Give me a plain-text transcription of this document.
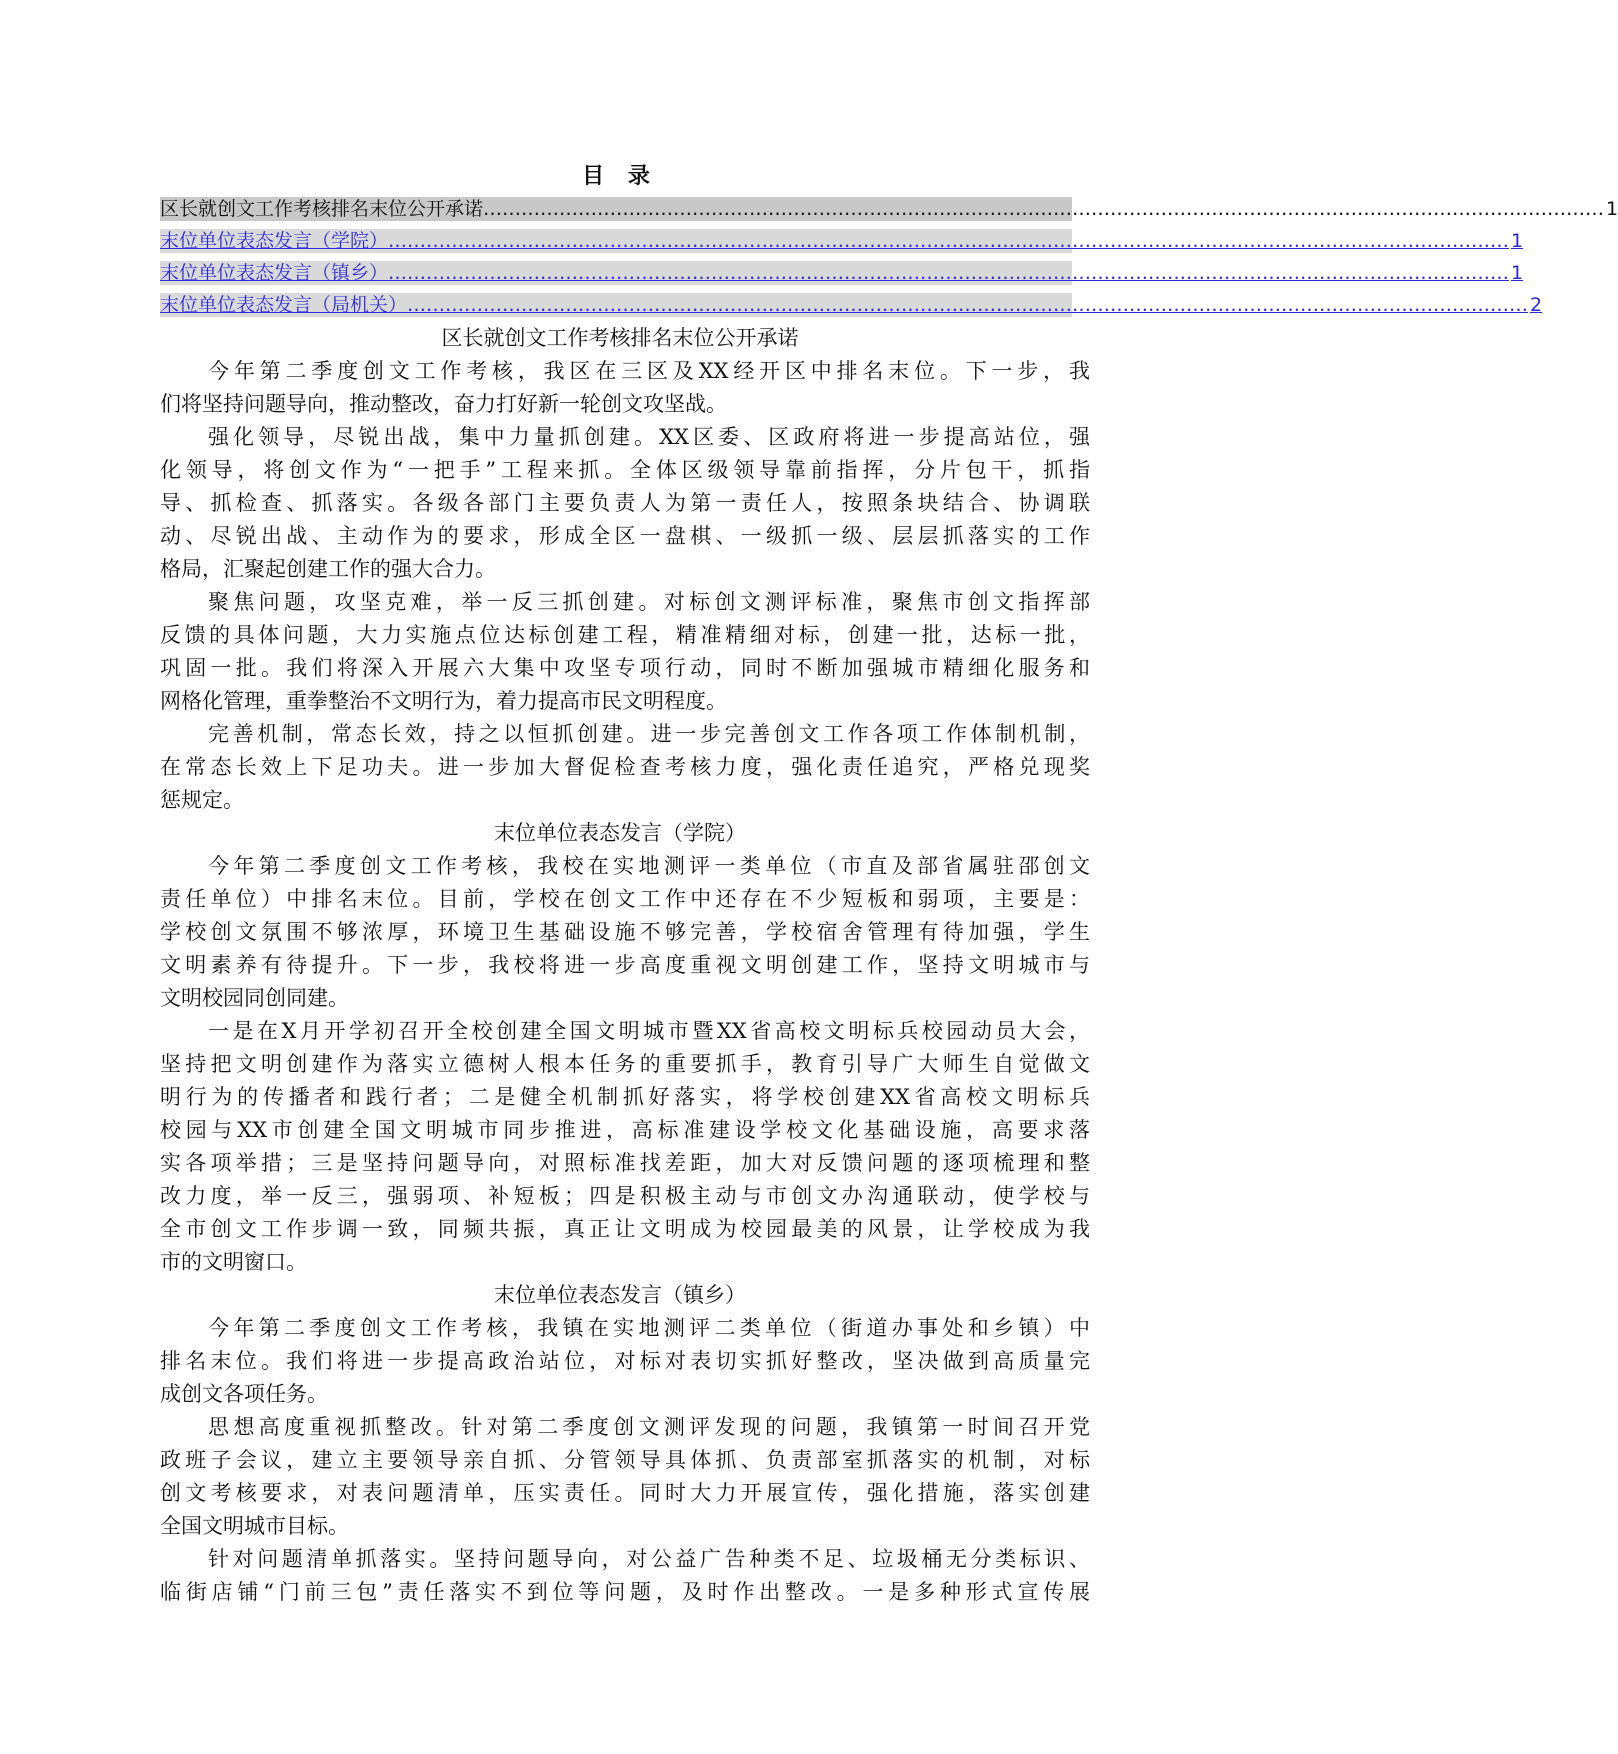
目 录
区长就创文工作考核排名末位公开承诺 …………………………………………………………………………………………………………………………………………………………… 1
末位单位表态发言（学院） …………………………………………………………………………………………………………………………………………………………… 1
末位单位表态发言（镇乡） …………………………………………………………………………………………………………………………………………………………… 1
末位单位表态发言（局机关） …………………………………………………………………………………………………………………………………………………………… 2
区长就创文工作考核排名末位公开承诺
今年第二季度创文工作考核，我区在三区及XX经开区中排名末位。下一步，我
们将坚持问题导向，推动整改，奋力打好新一轮创文攻坚战。
强化领导，尽锐出战，集中力量抓创建。XX区委、区政府将进一步提高站位，强
化领导，将创文作为“一把手”工程来抓。全体区级领导靠前指挥，分片包干，抓指
导、抓检查、抓落实。各级各部门主要负责人为第一责任人，按照条块结合、协调联
动、尽锐出战、主动作为的要求，形成全区一盘棋、一级抓一级、层层抓落实的工作
格局，汇聚起创建工作的强大合力。
聚焦问题，攻坚克难，举一反三抓创建。对标创文测评标准，聚焦市创文指挥部
反馈的具体问题，大力实施点位达标创建工程，精准精细对标，创建一批，达标一批，
巩固一批。我们将深入开展六大集中攻坚专项行动，同时不断加强城市精细化服务和
网格化管理，重拳整治不文明行为，着力提高市民文明程度。
完善机制，常态长效，持之以恒抓创建。进一步完善创文工作各项工作体制机制，
在常态长效上下足功夫。进一步加大督促检查考核力度，强化责任追究，严格兑现奖
惩规定。
末位单位表态发言（学院）
今年第二季度创文工作考核，我校在实地测评一类单位（市直及部省属驻邵创文
责任单位）中排名末位。目前，学校在创文工作中还存在不少短板和弱项，主要是：
学校创文氛围不够浓厚，环境卫生基础设施不够完善，学校宿舍管理有待加强，学生
文明素养有待提升。下一步，我校将进一步高度重视文明创建工作，坚持文明城市与
文明校园同创同建。
一是在X月开学初召开全校创建全国文明城市暨XX省高校文明标兵校园动员大会，
坚持把文明创建作为落实立德树人根本任务的重要抓手，教育引导广大师生自觉做文
明行为的传播者和践行者；二是健全机制抓好落实，将学校创建XX省高校文明标兵
校园与XX市创建全国文明城市同步推进，高标准建设学校文化基础设施，高要求落
实各项举措；三是坚持问题导向，对照标准找差距，加大对反馈问题的逐项梳理和整
改力度，举一反三，强弱项、补短板；四是积极主动与市创文办沟通联动，使学校与
全市创文工作步调一致，同频共振，真正让文明成为校园最美的风景，让学校成为我
市的文明窗口。
末位单位表态发言（镇乡）
今年第二季度创文工作考核，我镇在实地测评二类单位（街道办事处和乡镇）中
排名末位。我们将进一步提高政治站位，对标对表切实抓好整改，坚决做到高质量完
成创文各项任务。
思想高度重视抓整改。针对第二季度创文测评发现的问题，我镇第一时间召开党
政班子会议，建立主要领导亲自抓、分管领导具体抓、负责部室抓落实的机制，对标
创文考核要求，对表问题清单，压实责任。同时大力开展宣传，强化措施，落实创建
全国文明城市目标。
针对问题清单抓落实。坚持问题导向，对公益广告种类不足、垃圾桶无分类标识、
临街店铺“门前三包”责任落实不到位等问题，及时作出整改。一是多种形式宣传展
